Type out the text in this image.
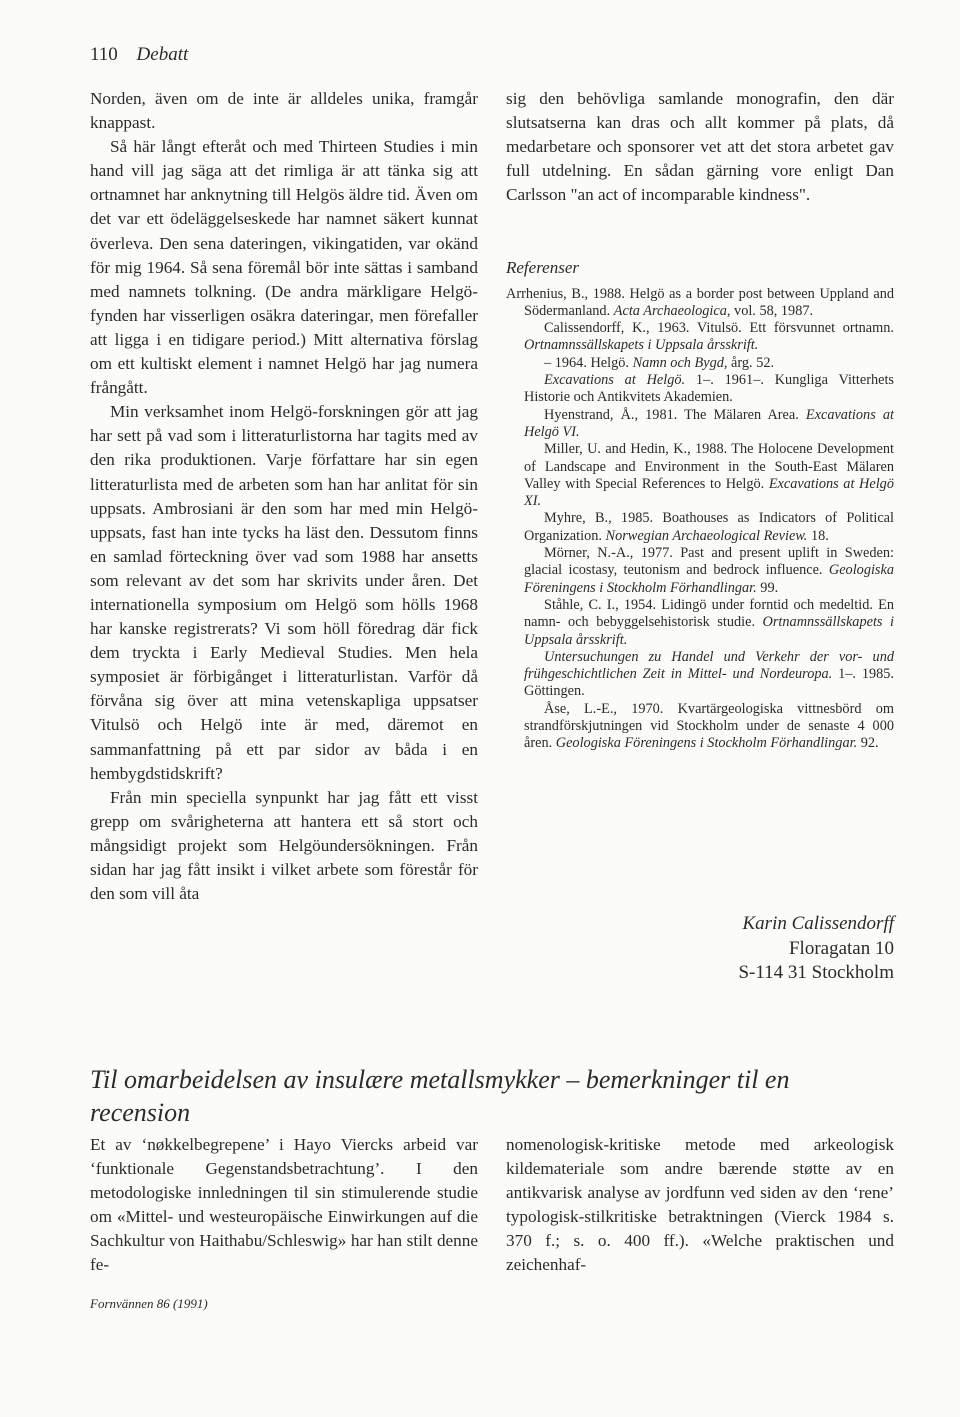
110 Debatt

Norden, även om de inte är alldeles unika, framgår knappast.

Så här långt efteråt och med Thirteen Studies i min hand vill jag säga att det rimliga är att tänka sig att ortnamnet har anknytning till Helgös äldre tid. Även om det var ett ödeläggelseskede har namnet säkert kunnat överleva. Den sena dateringen, vikingatiden, var okänd för mig 1964. Så sena föremål bör inte sättas i samband med namnets tolkning. (De andra märkligare Helgö-fynden har visserligen osäkra dateringar, men förefaller att ligga i en tidigare period.) Mitt alternativa förslag om ett kultiskt element i namnet Helgö har jag numera frångått.

Min verksamhet inom Helgö-forskningen gör att jag har sett på vad som i litteraturlistorna har tagits med av den rika produktionen. Varje författare har sin egen litteraturlista med de arbeten som han har anlitat för sin uppsats. Ambrosiani är den som har med min Helgö-uppsats, fast han inte tycks ha läst den. Dessutom finns en samlad förteckning över vad som 1988 har ansetts som relevant av det som har skrivits under åren. Det internationella symposium om Helgö som hölls 1968 har kanske registrerats? Vi som höll föredrag där fick dem tryckta i Early Medieval Studies. Men hela symposiet är förbigånget i litteraturlistan. Varför då förvåna sig över att mina vetenskapliga uppsatser Vitulsö och Helgö inte är med, däremot en sammanfattning på ett par sidor av båda i en hembygdstidskrift?

Från min speciella synpunkt har jag fått ett visst grepp om svårigheterna att hantera ett så stort och mångsidigt projekt som Helgöundersökningen. Från sidan har jag fått insikt i vilket arbete som förestår för den som vill åta

sig den behövliga samlande monografin, den där slutsatserna kan dras och allt kommer på plats, då medarbetare och sponsorer vet att det stora arbetet gav full utdelning. En sådan gärning vore enligt Dan Carlsson "an act of incomparable kindness".

Referenser

Arrhenius, B., 1988. Helgö as a border post between Uppland and Södermanland. Acta Archaeologica, vol. 58, 1987.

Calissendorff, K., 1963. Vitulsö. Ett försvunnet ortnamn. Ortnamnssällskapets i Uppsala årsskrift.

– 1964. Helgö. Namn och Bygd, årg. 52.

Excavations at Helgö. 1–. 1961–. Kungliga Vitterhets Historie och Antikvitets Akademien.

Hyenstrand, Å., 1981. The Mälaren Area. Excavations at Helgö VI.

Miller, U. and Hedin, K., 1988. The Holocene Development of Landscape and Environment in the South-East Mälaren Valley with Special References to Helgö. Excavations at Helgö XI.

Myhre, B., 1985. Boathouses as Indicators of Political Organization. Norwegian Archaeological Review. 18.

Mörner, N.-A., 1977. Past and present uplift in Sweden: glacial icostasy, teutonism and bedrock influence. Geologiska Föreningens i Stockholm Förhandlingar. 99.

Ståhle, C. I., 1954. Lidingö under forntid och medeltid. En namn- och bebyggelsehistorisk studie. Ortnamnssällskapets i Uppsala årsskrift.

Untersuchungen zu Handel und Verkehr der vor- und frühgeschichtlichen Zeit in Mittel- und Nordeuropa. 1–. 1985. Göttingen.

Åse, L.-E., 1970. Kvartärgeologiska vittnesbörd om strandförskjutningen vid Stockholm under de senaste 4 000 åren. Geologiska Föreningens i Stockholm Förhandlingar. 92.

Karin Calissendorff
Floragatan 10
S-114 31 Stockholm
Til omarbeidelsen av insulære metallsmykker – bemerkninger til en recension

Et av ‘nøkkelbegrepene’ i Hayo Viercks arbeid var ‘funktionale Gegenstandsbetrachtung’. I den metodologiske innledningen til sin stimulerende studie om «Mittel- und westeuropäische Einwirkungen auf die Sachkultur von Haithabu/Schleswig» har han stilt denne fe-

nomenologisk-kritiske metode med arkeologisk kildemateriale som andre bærende støtte av en antikvarisk analyse av jordfunn ved siden av den ‘rene’ typologisk-stilkritiske betraktningen (Vierck 1984 s. 370 f.; s. o. 400 ff.). «Welche praktischen und zeichenhaf-

Fornvännen 86 (1991)
